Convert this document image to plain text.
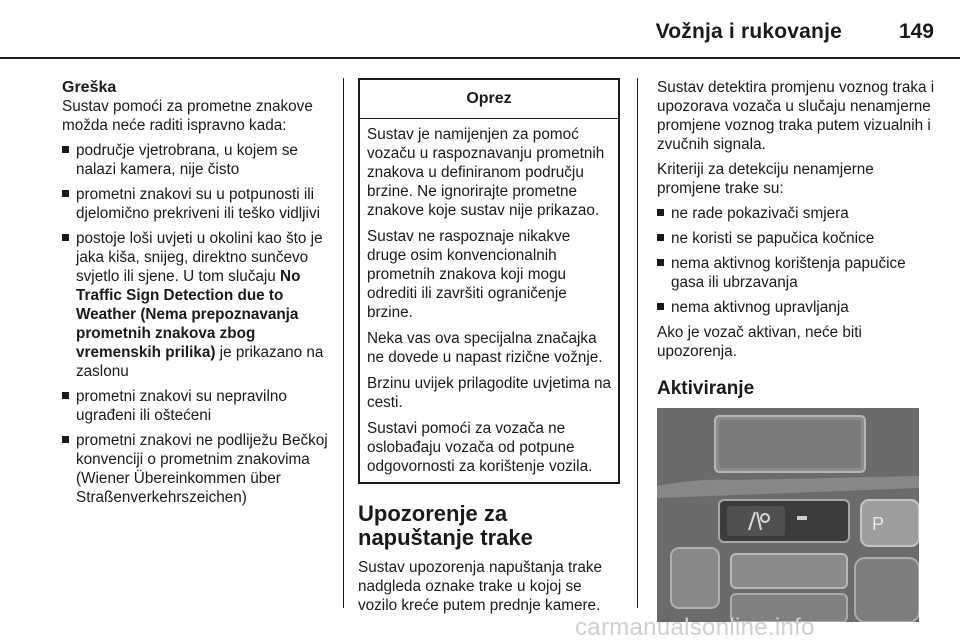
Vožnja i rukovanje	149
Greška

Sustav pomoći za prometne znakove možda neće raditi ispravno kada:

područje vjetrobrana, u kojem se nalazi kamera, nije čisto
prometni znakovi su u potpunosti ili djelomično prekriveni ili teško vidljivi
postoje loši uvjeti u okolini kao što je jaka kiša, snijeg, direktno sunčevo svjetlo ili sjene. U tom slučaju No Traffic Sign Detection due to Weather (Nema prepoznavanja prometnih znakova zbog vremenskih prilika) je prikazano na zaslonu
prometni znakovi su nepravilno ugrađeni ili oštećeni
prometni znakovi ne podliježu Bečkoj konvenciji o prometnim znakovima (Wiener Übereinkommen über Straßenverkehrszeichen)
Oprez

Sustav je namijenjen za pomoć vozaču u raspoznavanju prometnih znakova u definiranom području brzine. Ne ignorirajte prometne znakove koje sustav nije prikazao.

Sustav ne raspoznaje nikakve druge osim konvencionalnih prometnih znakova koji mogu odrediti ili završiti ograničenje brzine.

Neka vas ova specijalna značajka ne dovede u napast rizične vožnje.

Brzinu uvijek prilagodite uvjetima na cesti.

Sustavi pomoći za vozača ne oslobađaju vozača od potpune odgovornosti za korištenje vozila.

Upozorenje za napuštanje trake

Sustav upozorenja napuštanja trake nadgleda oznake trake u kojoj se vozilo kreće putem prednje kamere.

Sustav detektira promjenu voznog traka i upozorava vozača u slučaju nenamjerne promjene voznog traka putem vizualnih i zvučnih signala.

Kriteriji za detekciju nenamjerne promjene trake su:

ne rade pokazivači smjera
ne koristi se papučica kočnice
nema aktivnog korištenja papučice gasa ili ubrzavanja
nema aktivnog upravljanja

Ako je vozač aktivan, neće biti upozorenja.

Aktiviranje
P
carmanualsonline.info
